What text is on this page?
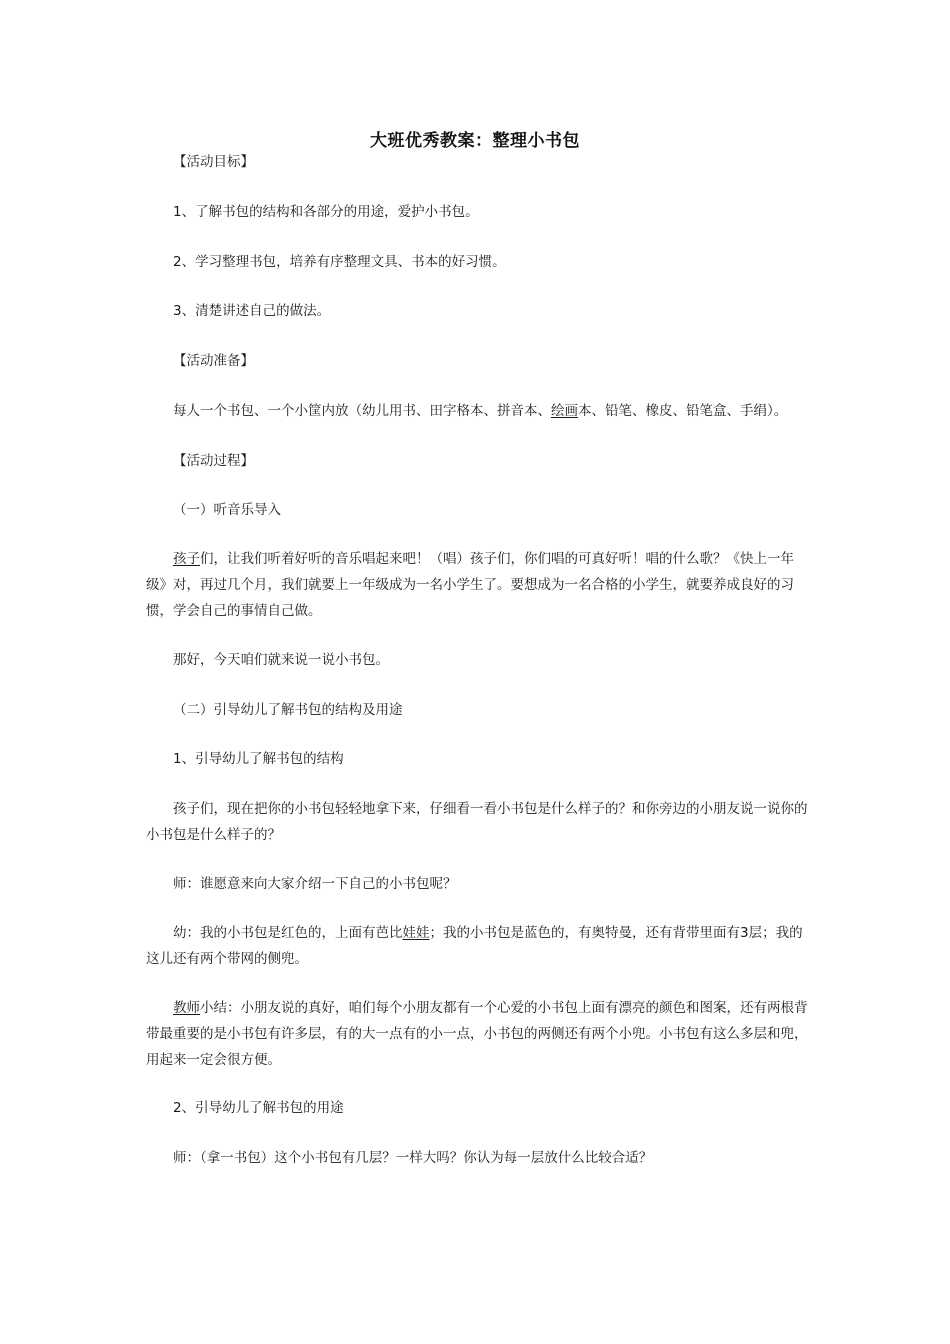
大班优秀教案：整理小书包
【活动目标】
1、了解书包的结构和各部分的用途，爱护小书包。
2、学习整理书包，培养有序整理文具、书本的好习惯。
3、清楚讲述自己的做法。
【活动准备】
每人一个书包、一个小筐内放（幼儿用书、田字格本、拼音本、绘画本、铅笔、橡皮、铅笔盒、手绢）。
【活动过程】
（一）听音乐导入
孩子们，让我们听着好听的音乐唱起来吧！（唱）孩子们，你们唱的可真好听！唱的什么歌？《快上一年级》对，再过几个月，我们就要上一年级成为一名小学生了。要想成为一名合格的小学生，就要养成良好的习惯，学会自己的事情自己做。
那好，今天咱们就来说一说小书包。
（二）引导幼儿了解书包的结构及用途
1、引导幼儿了解书包的结构
孩子们，现在把你的小书包轻轻地拿下来，仔细看一看小书包是什么样子的？和你旁边的小朋友说一说你的小书包是什么样子的？
师：谁愿意来向大家介绍一下自己的小书包呢？
幼：我的小书包是红色的，上面有芭比娃娃；我的小书包是蓝色的，有奥特曼，还有背带里面有3层；我的这儿还有两个带网的侧兜。
教师小结：小朋友说的真好，咱们每个小朋友都有一个心爱的小书包上面有漂亮的颜色和图案，还有两根背带最重要的是小书包有许多层，有的大一点有的小一点，小书包的两侧还有两个小兜。小书包有这么多层和兜，用起来一定会很方便。
2、引导幼儿了解书包的用途
师：（拿一书包）这个小书包有几层？一样大吗？你认为每一层放什么比较合适？
